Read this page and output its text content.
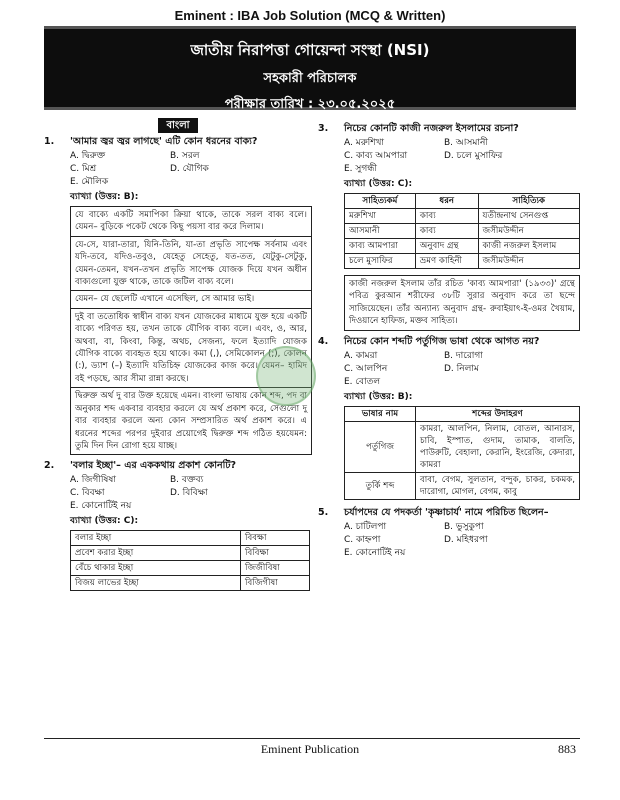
Eminent : IBA Job Solution (MCQ & Written)
জাতীয় নিরাপত্তা গোয়েন্দা সংস্থা (NSI)
সহকারী পরিচালক
পরীক্ষার তারিখ : ২৩.০৫.২০২৫
বাংলা
1. 'আমার জ্বর জ্বর লাগছে' এটি কোন ধরনের বাক্য?
A. দ্বিরুক্ত	B. সরল
C. মিশ্র	D. যৌগিক
E. মৌলিক
ব্যাখ্যা (উত্তর: B):
যে বাক্যে একটি সমাপিকা ক্রিয়া থাকে, তাকে সরল বাক্য বলে। যেমন– বুড়িকে পকেট থেকে কিছু পয়সা বার করে দিলাম।
যে-সে, যারা-তারা, যিনি-তিনি, যা-তা প্রভৃতি সাপেক্ষ সর্বনাম এবং যদি-তবে, যদিও-তবুও, যেহেতু সেহেতু, যত-তত, যেটুকু-সেটুকু, যেমন-তেমন, যখন-তখন প্রভৃতি সাপেক্ষ যোজক দিয়ে যখন অধীন বাক্যগুলো যুক্ত থাকে, তাকে জটিল বাক্য বলে।
যেমন– যে ছেলেটি এখানে এসেছিল, সে আমার ভাই।
দুই বা ততোধিক স্বাধীন বাক্য যখন যোজকের মাধ্যমে যুক্ত হয়ে একটি বাক্যে পরিণত হয়, তখন তাকে যৌগিক বাক্য বলে। এবং, ও, আর, অথবা, বা, কিংবা, কিন্তু, অথচ, সেজন্য, ফলে ইত্যাদি যোজক যৌগিক বাক্যে ব্যবহৃত হয়ে থাকে। কমা (,), সেমিকোলন (;), কোলন (:), ড্যাশ (–) ইত্যাদি যতিচিহ্ন যোজকের কাজ করে। যেমন– হামিদ বই পড়ছে, আর সীমা রান্না করছে।
দ্বিরুক্ত অর্থ দু বার উক্ত হয়েছে এমন। বাংলা ভাষায় কোন শব্দ, পদ বা অনুকার শব্দ একবার ব্যবহার করলে যে অর্থ প্রকাশ করে, সেগুলো দু বার ব্যবহার করলে অন্য কোন সম্প্রসারিত অর্থ প্রকাশ করে। এ ধরনের শব্দের পরপর দুইবার প্রয়োগেই দ্বিরুক্ত শব্দ গঠিত হয়যেমন: তুমি দিন দিন রোগা হয়ে যাচ্ছ।
2. 'বলার ইচ্ছা'– এর এককথায় প্রকাশ কোনটি?
A. জিগীষিষা	B. বক্তব্য
C. বিবক্ষা	D. বিবিক্ষা
E. কোনোটিই নয়
ব্যাখ্যা (উত্তর: C):
বলার ইচ্ছা	বিবক্ষা
প্রবেশ করার ইচ্ছা	বিবিক্ষা
বেঁচে থাকার ইচ্ছা	জিজীবিষা
বিজয় লাভের ইচ্ছা	বিজিগীষা
3. নিচের কোনটি কাজী নজরুল ইসলামের রচনা?
A. মরুশিখা	B. আসমানী
C. কাব্য আমপারা	D. চলে মুসাফির
E. সুগন্ধী
ব্যাখ্যা (উত্তর: C):
সাহিত্যকর্ম	ধরন	সাহিত্যিক
মরুশিখা	কাব্য	যতীন্দ্রনাথ সেনগুপ্ত
আসমানী	কাব্য	জসীমউদ্দীন
কাব্য আমপারা	অনুবাদ গ্রন্থ	কাজী নজরুল ইসলাম
চলে মুসাফির	ভ্রমণ কাহিনী	জসীমউদ্দীন
কাজী নজরুল ইসলাম তাঁর রচিত 'কাব্য আমপারা' (১৯৩৩)' গ্রন্থে পবিত্র কুরআন শরীফের ৩৮টি সুরার অনুবাদ করে তা ছন্দে সাজিয়েছেন। তাঁর অন্যান্য অনুবাদ গ্রন্থ- রুবাইয়াৎ-ই-ওমর খৈয়াম, দিওয়ানে হাফিজ, মক্তব সাহিত্য।
4. নিচের কোন শব্দটি পর্তুগিজ ভাষা থেকে আগত নয়?
A. কামরা	B. দারোগা
C. আলপিন	D. নিলাম
E. বোতল
ব্যাখ্যা (উত্তর: B):
ভাষার নাম	শব্দের উদাহরণ
পর্তুগিজ	কামরা, আলপিন, নিলাম, বোতল, আনারস, চাবি, ইস্পাত, গুদাম, তামাক, বালতি, পাউরুটি, বেহালা, কেরানি, ইংরেজি, কেদারা, কামরা
তুর্কি শব্দ	বাবা, বেগম, সুলতান, বন্দুক, চাকর, চকমক, দারোগা, মোগল, বেগম, কাবু
5. চর্যাপদের যে পদকর্তা 'কৃষ্ণাচার্য' নামে পরিচিত ছিলেন–
A. চাটিলপা	B. ভুসুকুপা
C. কাহ্নপা	D. মহিধরপা
E. কোনোটিই নয়
Eminent Publication	883
